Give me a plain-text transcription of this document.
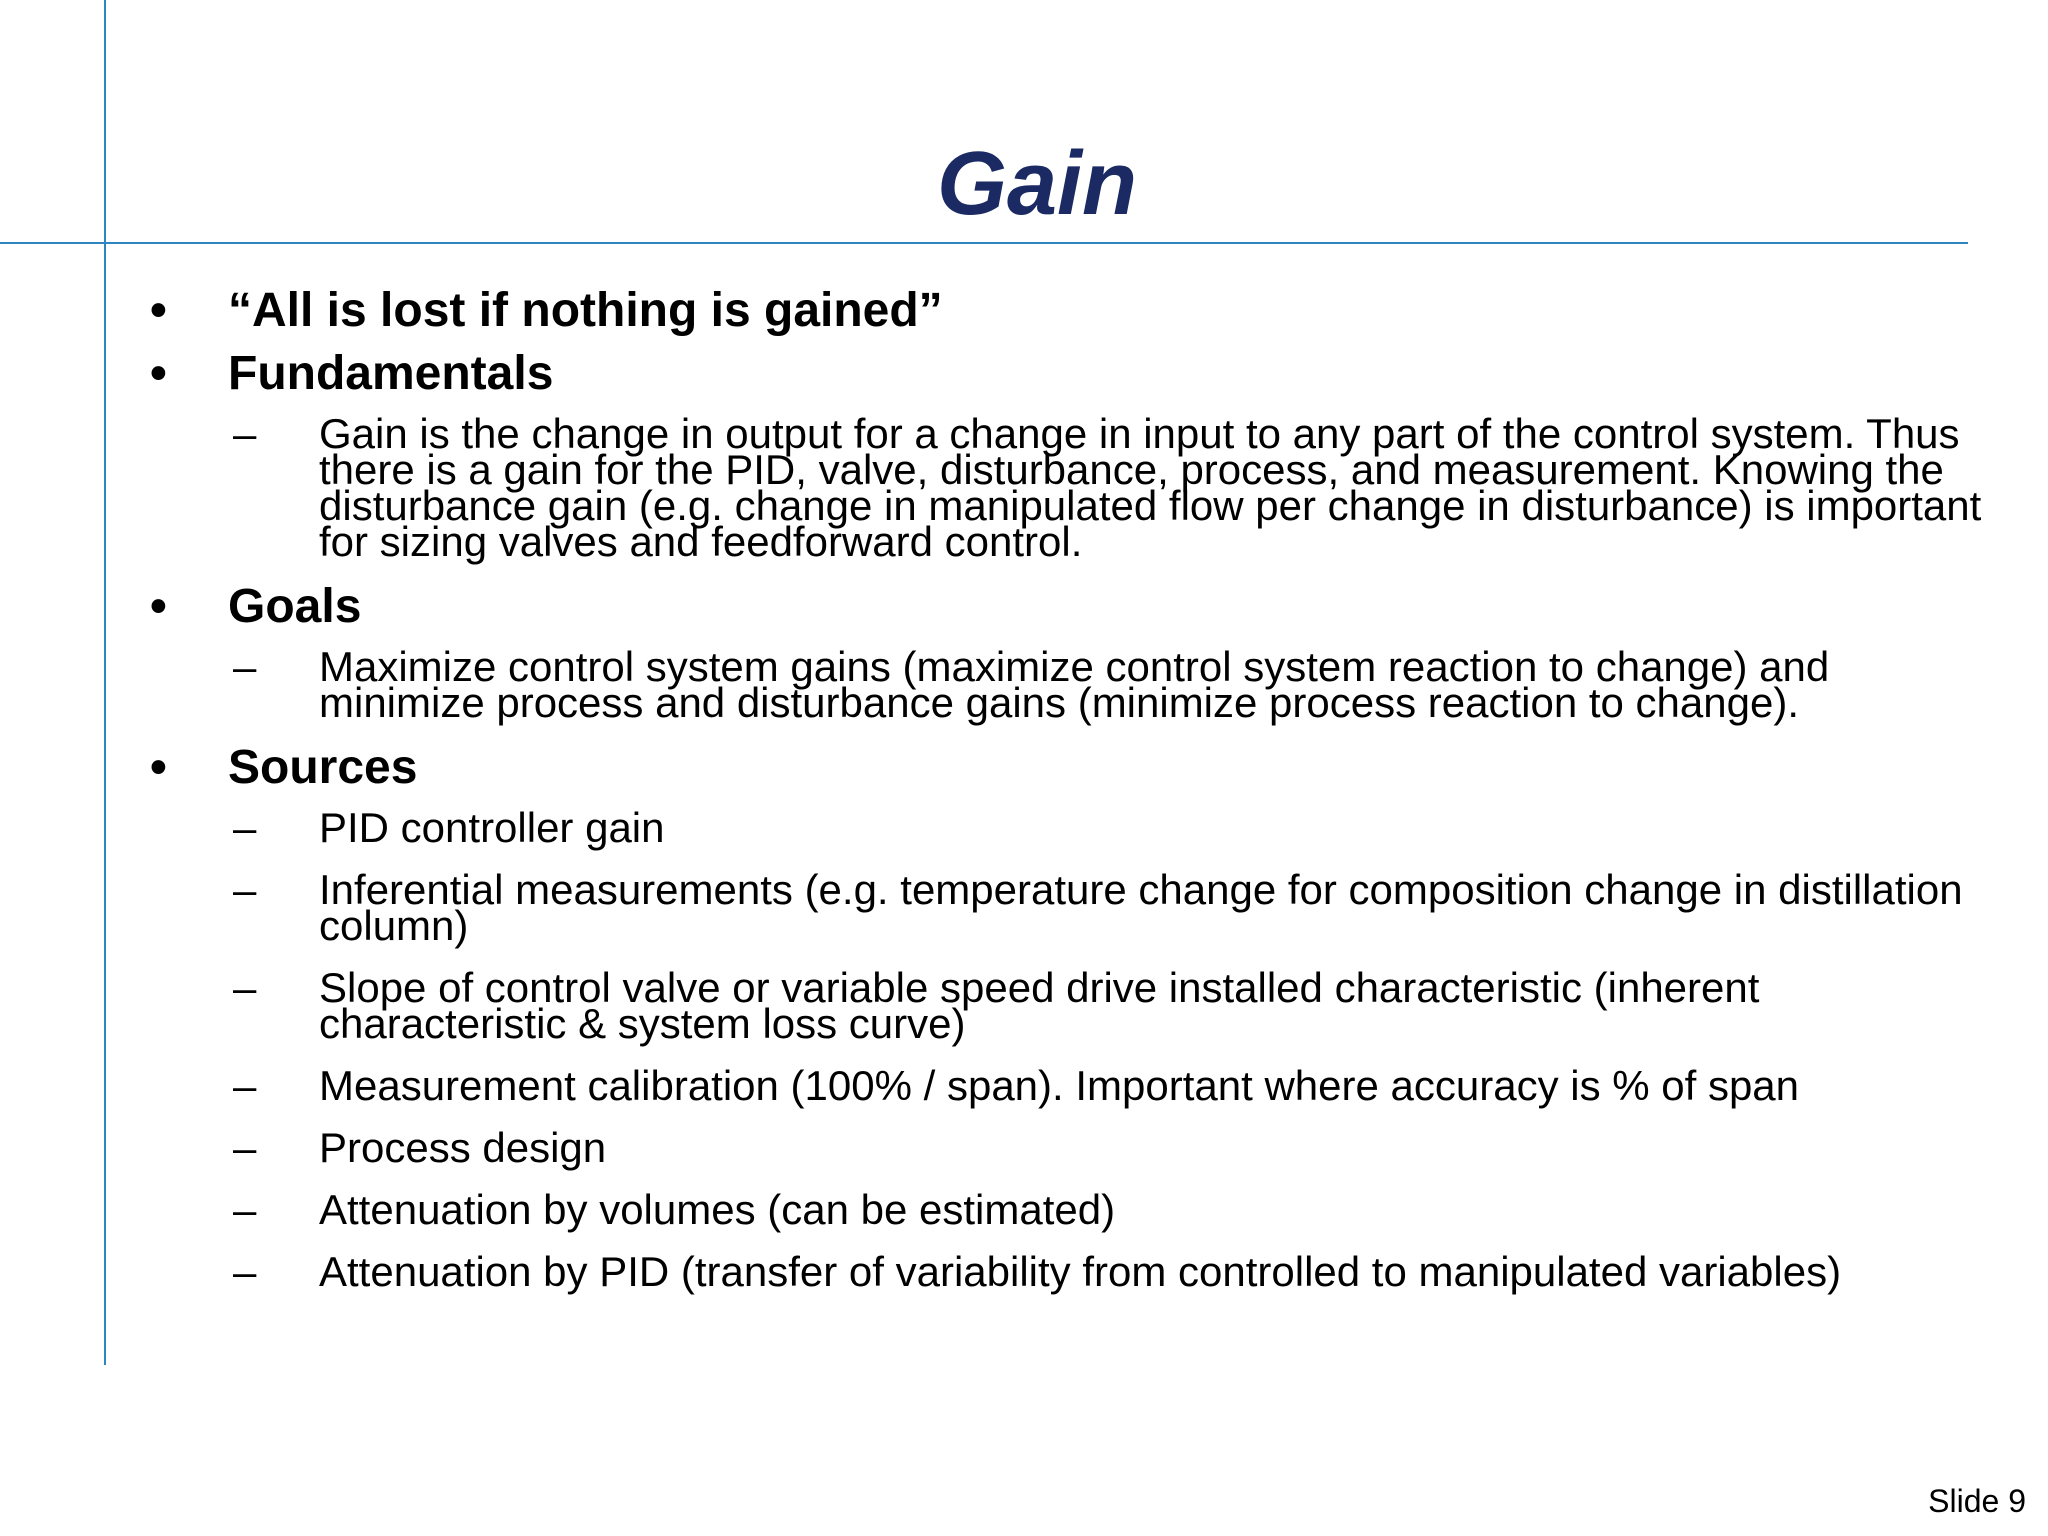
Gain
• “All is lost if nothing is gained”
• Fundamentals
– Gain is the change in output for a change in input to any part of the control system. Thus there is a gain for the PID, valve, disturbance, process, and measurement. Knowing the disturbance gain (e.g. change in manipulated flow per change in disturbance) is important for sizing valves and feedforward control.
• Goals
– Maximize control system gains (maximize control system reaction to change) and minimize process and disturbance gains (minimize process reaction to change).
• Sources
– PID controller gain
– Inferential measurements (e.g. temperature change for composition change in distillation column)
– Slope of control valve or variable speed drive installed characteristic (inherent characteristic & system loss curve)
– Measurement calibration (100% / span). Important where accuracy is % of span
– Process design
– Attenuation by volumes (can be estimated)
– Attenuation by PID (transfer of variability from controlled to manipulated variables)
Slide 9
